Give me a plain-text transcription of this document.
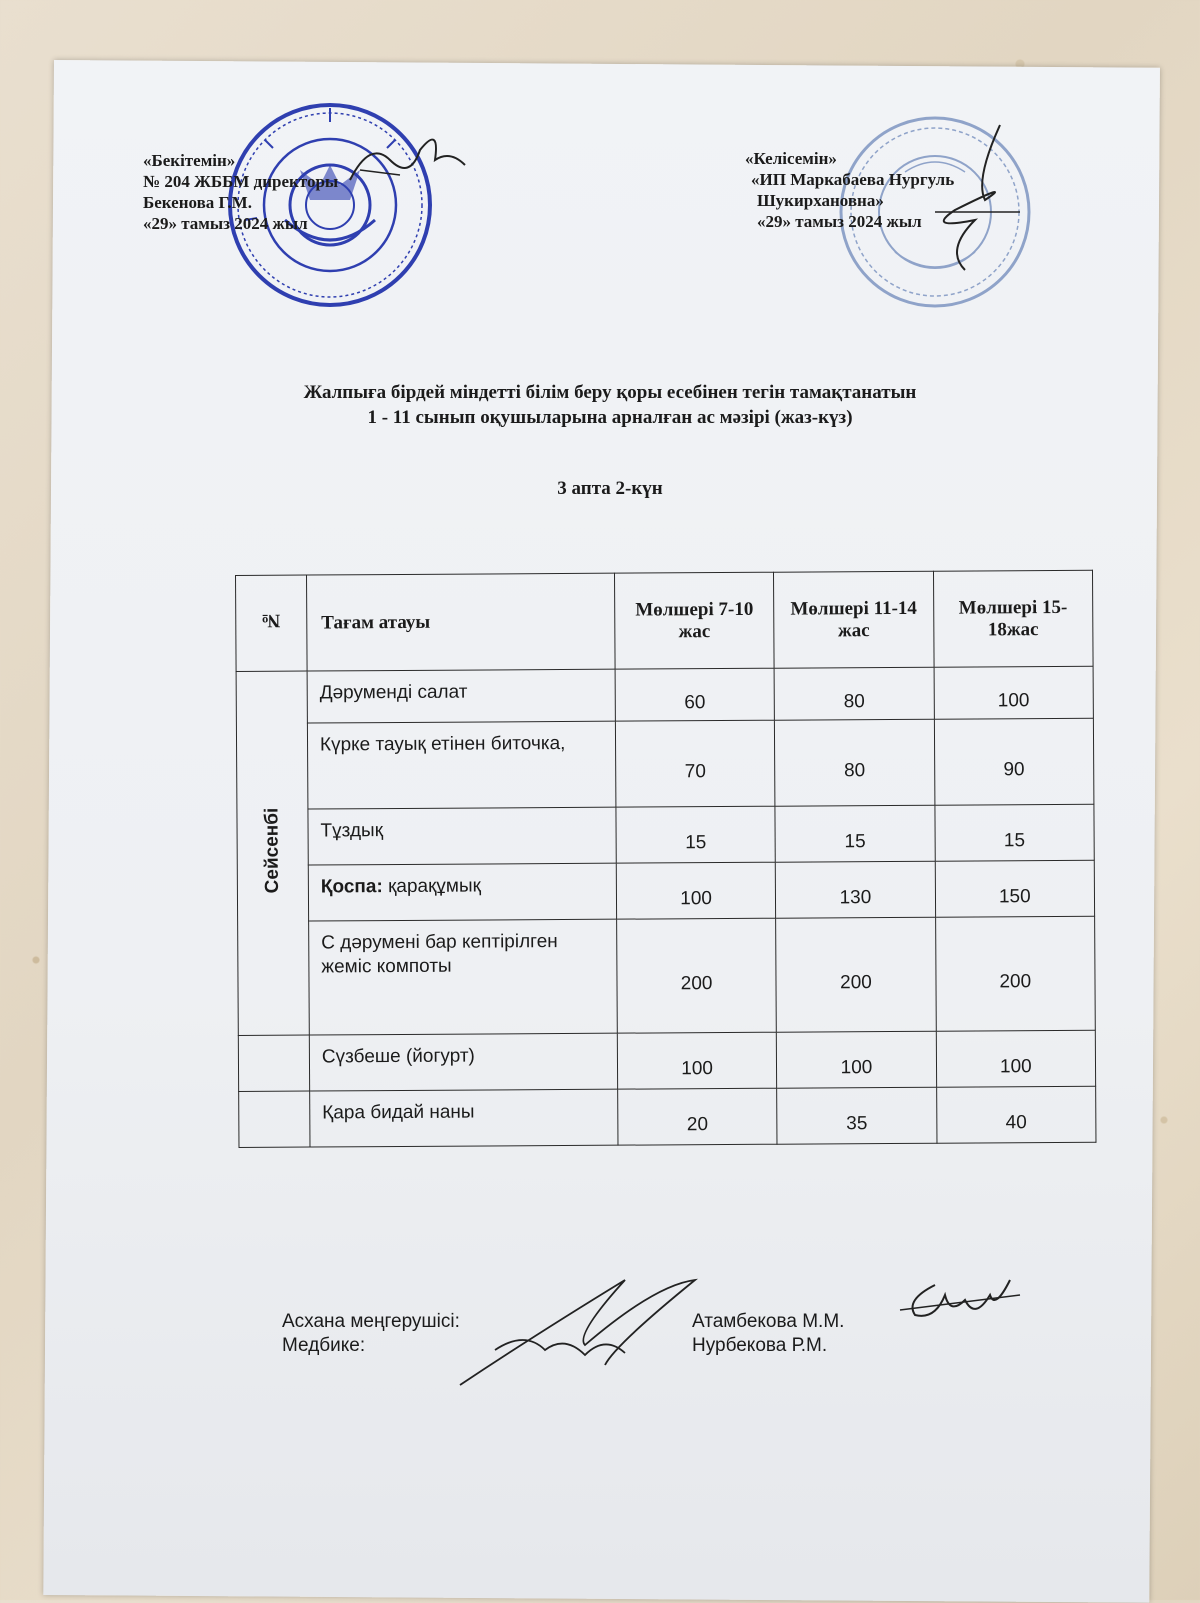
«Бекітемін»
№ 204 ЖББМ директоры
Бекенова Г.М.
«29» тамыз 2024 жыл
«Келісемін»
«ИП Маркабаева Нургуль
Шукирхановна»
«29» тамыз 2024 жыл
Жалпыға бірдей міндетті білім беру қоры есебінен тегін тамақтанатын
1 - 11 сынып оқушыларына арналған ас мәзірі (жаз-күз)
3 апта 2-күн
№	Тағам атауы	Мөлшері 7-10 жас	Мөлшері 11-14 жас	Мөлшері 15-18жас
Сейсенбі	Дәруменді салат	60	80	100
	Күрке тауық етінен биточка,	70	80	90
	Тұздық	15	15	15
	Қоспа: қарақұмық	100	130	150
	С дәрумені бар кептірілген жеміс компоты	200	200	200
	Сүзбеше (йогурт)	100	100	100
	Қара бидай наны	20	35	40
Асхана меңгерушісі:
Медбике:
Атамбекова М.М.
Нурбекова Р.М.
